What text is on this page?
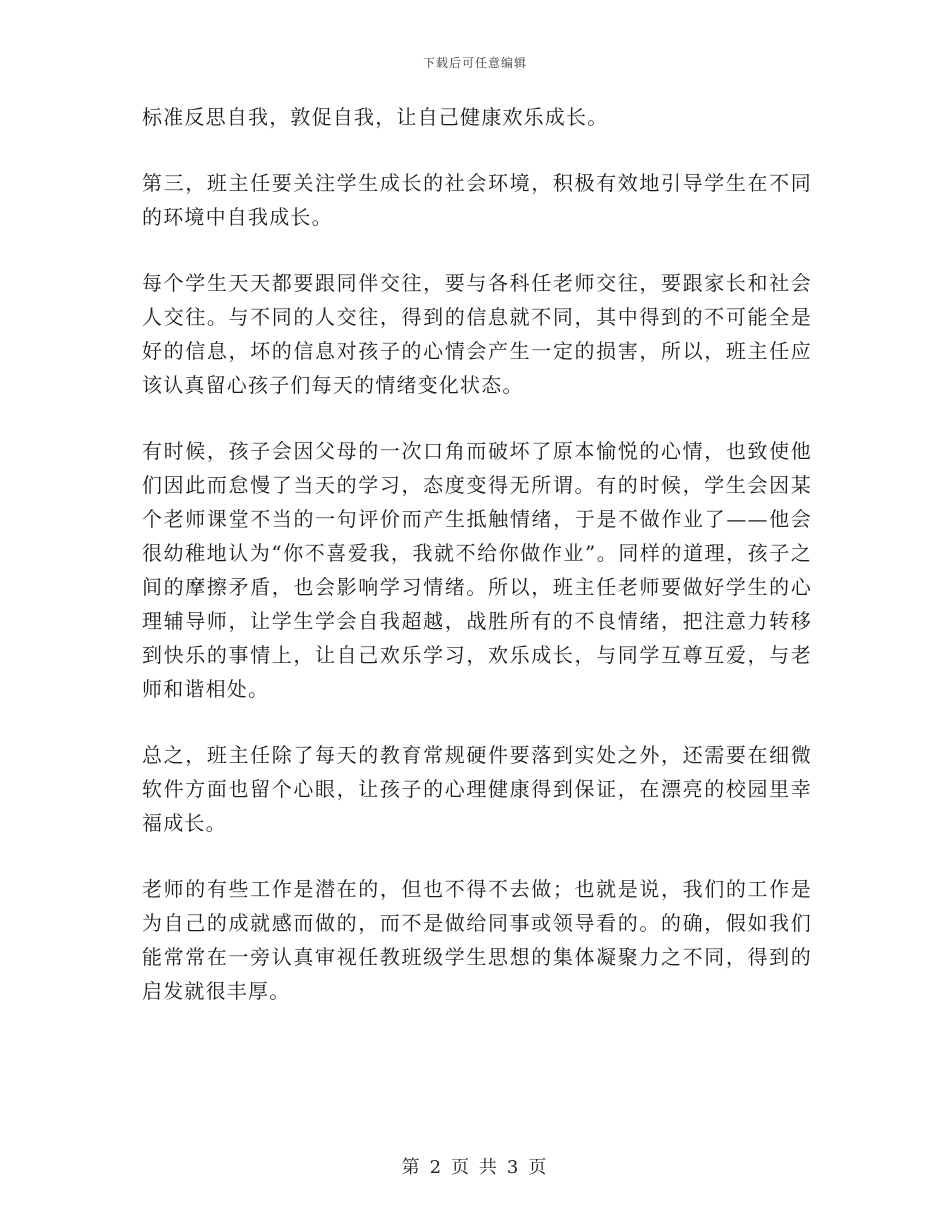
下载后可任意编辑

标准反思自我，敦促自我，让自己健康欢乐成长。

第三，班主任要关注学生成长的社会环境，积极有效地引导学生在不同的环境中自我成长。

每个学生天天都要跟同伴交往，要与各科任老师交往，要跟家长和社会人交往。与不同的人交往，得到的信息就不同，其中得到的不可能全是好的信息，坏的信息对孩子的心情会产生一定的损害，所以，班主任应该认真留心孩子们每天的情绪变化状态。

有时候，孩子会因父母的一次口角而破坏了原本愉悦的心情，也致使他们因此而怠慢了当天的学习，态度变得无所谓。有的时候，学生会因某个老师课堂不当的一句评价而产生抵触情绪，于是不做作业了——他会很幼稚地认为“你不喜爱我，我就不给你做作业”。同样的道理，孩子之间的摩擦矛盾，也会影响学习情绪。所以，班主任老师要做好学生的心理辅导师，让学生学会自我超越，战胜所有的不良情绪，把注意力转移到快乐的事情上，让自己欢乐学习，欢乐成长，与同学互尊互爱，与老师和谐相处。

总之，班主任除了每天的教育常规硬件要落到实处之外，还需要在细微软件方面也留个心眼，让孩子的心理健康得到保证，在漂亮的校园里幸福成长。

老师的有些工作是潜在的，但也不得不去做；也就是说，我们的工作是为自己的成就感而做的，而不是做给同事或领导看的。的确，假如我们能常常在一旁认真审视任教班级学生思想的集体凝聚力之不同，得到的启发就很丰厚。

第 2 页 共 3 页
